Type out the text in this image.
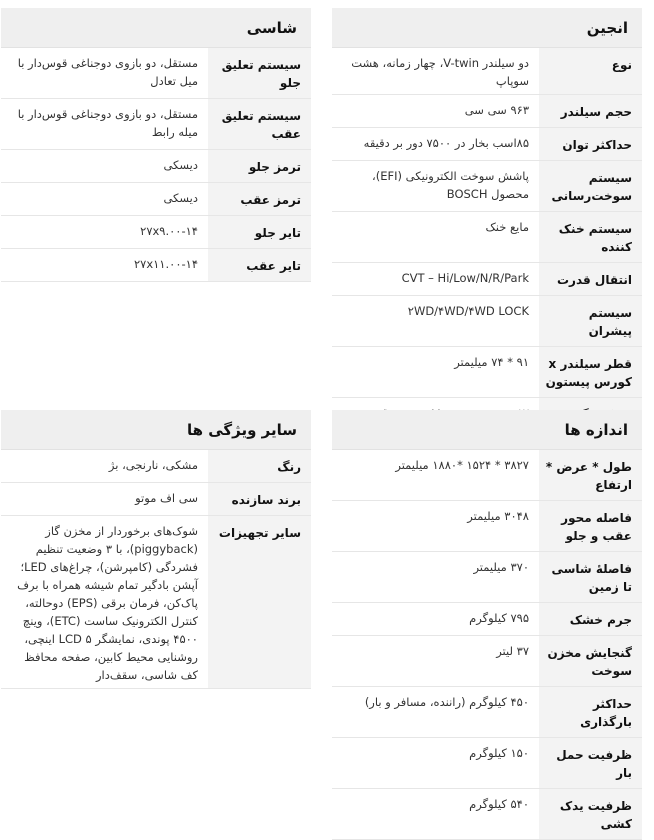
انجین
نوع
دو سیلندر V-twin، چهار زمانه، هشت سوپاپ
حجم سیلندر
۹۶۳ سی سی
حداکثر توان
۸۵اسب بخار در ۷۵۰۰ دور بر دقیقه
سیستم سوخت‌رسانی
پاشش سوخت الکترونیکی (EFI)، محصول BOSCH
سیستم خنک کننده
مایع خنک
انتقال قدرت
CVT – Hi/Low/N/R/Park
سیستم پیشران
۲WD/۴WD/۴WD LOCK
قطر سیلندر x کورس پیستون
۹۱ * ۷۴ میلیمتر
شاسی
سیستم تعلیق جلو
مستقل، دو بازوی دوجناغی قوس‌دار با میل تعادل
سیستم تعلیق عقب
مستقل، دو بازوی دوجناغی قوس‌دار با میله رابط
ترمز جلو
دیسکی
ترمز عقب
دیسکی
تایر جلو
۲۷x۹.۰۰-۱۴
تایر عقب
۲۷x۱۱.۰۰-۱۴
اندازه ها
طول * عرض * ارتفاع
۳۸۲۷ * ۱۵۲۴ *۱۸۸۰ میلیمتر
فاصله محور عقب و جلو
۳۰۴۸ میلیمتر
فاصلهٔ شاسی تا زمین
۳۷۰ میلیمتر
جرم خشک
۷۹۵ کیلوگرم
گنجایش مخزن سوخت
۳۷ لیتر
حداکثر بارگذاری
۴۵۰ کیلوگرم (راننده، مسافر و بار)
ظرفیت حمل بار
۱۵۰ کیلوگرم
ظرفیت یدک کشی
۵۴۰ کیلوگرم
سایر ویژگی ها
رنگ
مشکی، نارنجی، بژ
برند سازنده
سی اف موتو
سایر تجهیزات
شوک‌های برخوردار از مخزن گاز (piggyback)، با ۳ وضعیت تنظیم فشردگی (کامپرشن)، چراغ‌های LED؛ آپشن بادگیر تمام شیشه همراه با برف پاک‌کن، فرمان برقی (EPS) دوحالته، کنترل الکترونیک ساست (ETC)، وینچ ۴۵۰۰ پوندی، نمایشگر ۵ LCD اینچی، روشنایی محیط کابین، صفحه محافظ کف شاسی، سقف‌دار
